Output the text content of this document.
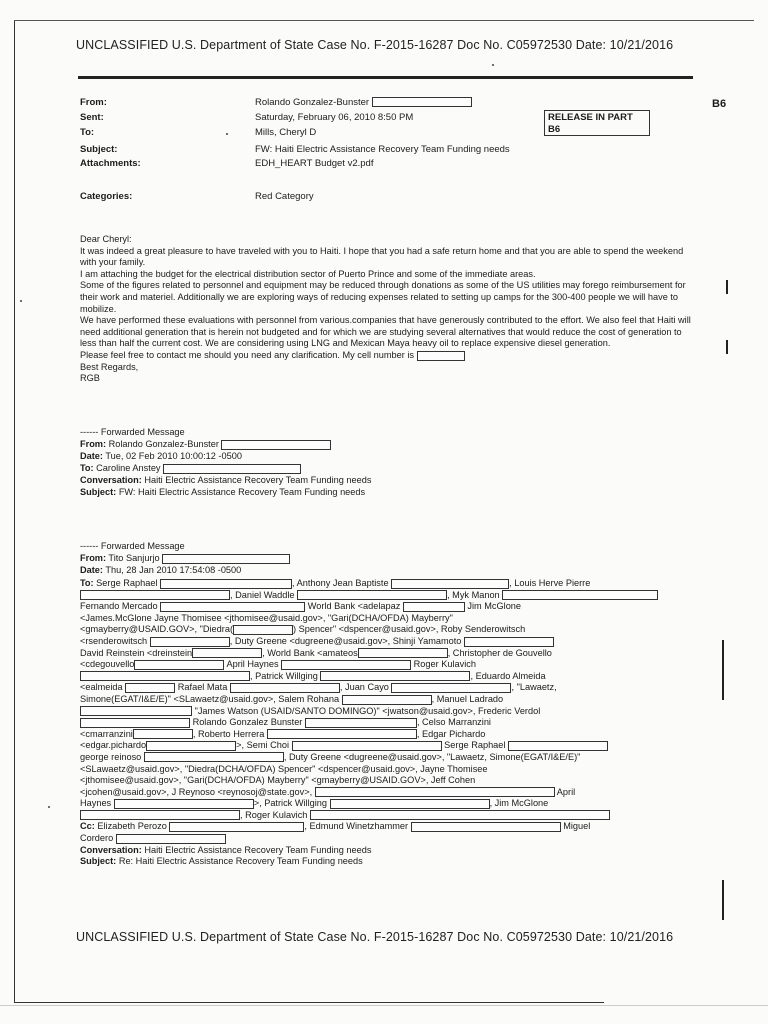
UNCLASSIFIED U.S. Department of State Case No. F-2015-16287 Doc No. C05972530 Date: 10/21/2016
B6
From:	Rolando Gonzalez-Bunster
Sent:	Saturday, February 06, 2010 8:50 PM
To:	Mills, Cheryl D
Subject:	FW: Haiti Electric Assistance Recovery Team Funding needs
Attachments:	EDH_HEART Budget v2.pdf
Categories:	Red Category
RELEASE IN PART
B6

Dear Cheryl:

It was indeed a great pleasure to have traveled with you to Haiti. I hope that you had a safe return home and that you are able to spend the weekend with your family.

I am attaching the budget for the electrical distribution sector of Puerto Prince and some of the immediate areas.

Some of the figures related to personnel and equipment may be reduced through donations as some of the US utilities may forego reimbursement for their work and materiel. Additionally we are exploring ways of reducing expenses related to setting up camps for the 300-400 people we will have to mobilize.

We have performed these evaluations with personnel from various.companies that have generously contributed to the effort. We also feel that Haiti will need additional generation that is herein not budgeted and for which we are studying several alternatives that would reduce the cost of generation to less than half the current cost. We are considering using LNG and Mexican Maya heavy oil to replace expensive diesel generation.

Please feel free to contact me should you need any clarification. My cell number is

Best Regards,

RGB

------ Forwarded Message
From: Rolando Gonzalez-Bunster
Date: Tue, 02 Feb 2010 10:00:12 -0500
To: Caroline Anstey
Conversation: Haiti Electric Assistance Recovery Team Funding needs
Subject: FW: Haiti Electric Assistance Recovery Team Funding needs
------ Forwarded Message
From: Tito Sanjurjo
Date: Thu, 28 Jan 2010 17:54:08 -0500
To: Serge Raphael	, Anthony Jean Baptiste	, Louis Herve Pierre
, Daniel Waddle	, Myk Manon
Fernando Mercado	World Bank <adelapaz	Jim McGlone
<James.McGlone Jayne Thomisee <jthomisee@usaid.gov>, "Gari(DCHA/OFDA) Mayberry"
<gmayberry@USAID.GOV>, "Diedra(	) Spencer" <dspencer@usaid.gov>, Roby Senderowitsch
<rsenderowitsch	, Duty Greene <dugreene@usaid.gov>, Shinji Yamamoto
David Reinstein <dreinstein	, World Bank <amateos	, Christopher de Gouvello
<cdegouvello	April Haynes	Roger Kulavich
, Patrick Willging	, Eduardo Almeida
<ealmeida	Rafael Mata	, Juan Cayo	, "Lawaetz,
Simone(EGAT/I&E/E)" <SLawaetz@usaid.gov>, Salem Rohana	, Manuel Ladrado
"James Watson (USAID/SANTO DOMINGO)" <jwatson@usaid.gov>, Frederic Verdol
Rolando Gonzalez Bunster	, Celso Marranzini
<cmarranzini	, Roberto Herrera	, Edgar Pichardo
<edgar.pichardo	>, Semi Choi	Serge Raphael
george reinoso	, Duty Greene <dugreene@usaid.gov>, "Lawaetz, Simone(EGAT/I&E/E)"
<SLawaetz@usaid.gov>, "Diedra(DCHA/OFDA) Spencer" <dspencer@usaid.gov>, Jayne Thomisee
<jthomisee@usaid.gov>, "Gari(DCHA/OFDA) Mayberry" <gmayberry@USAID.GOV>, Jeff Cohen
<jcohen@usaid.gov>, J Reynoso <reynosoj@state.gov>,	April
Haynes	>, Patrick Willging	, Jim McGlone
, Roger Kulavich
Cc: Elizabeth Perozo	, Edmund Winetzhammer	Miguel
Cordero
Conversation: Haiti Electric Assistance Recovery Team Funding needs
Subject: Re: Haiti Electric Assistance Recovery Team Funding needs
UNCLASSIFIED U.S. Department of State Case No. F-2015-16287 Doc No. C05972530 Date: 10/21/2016
